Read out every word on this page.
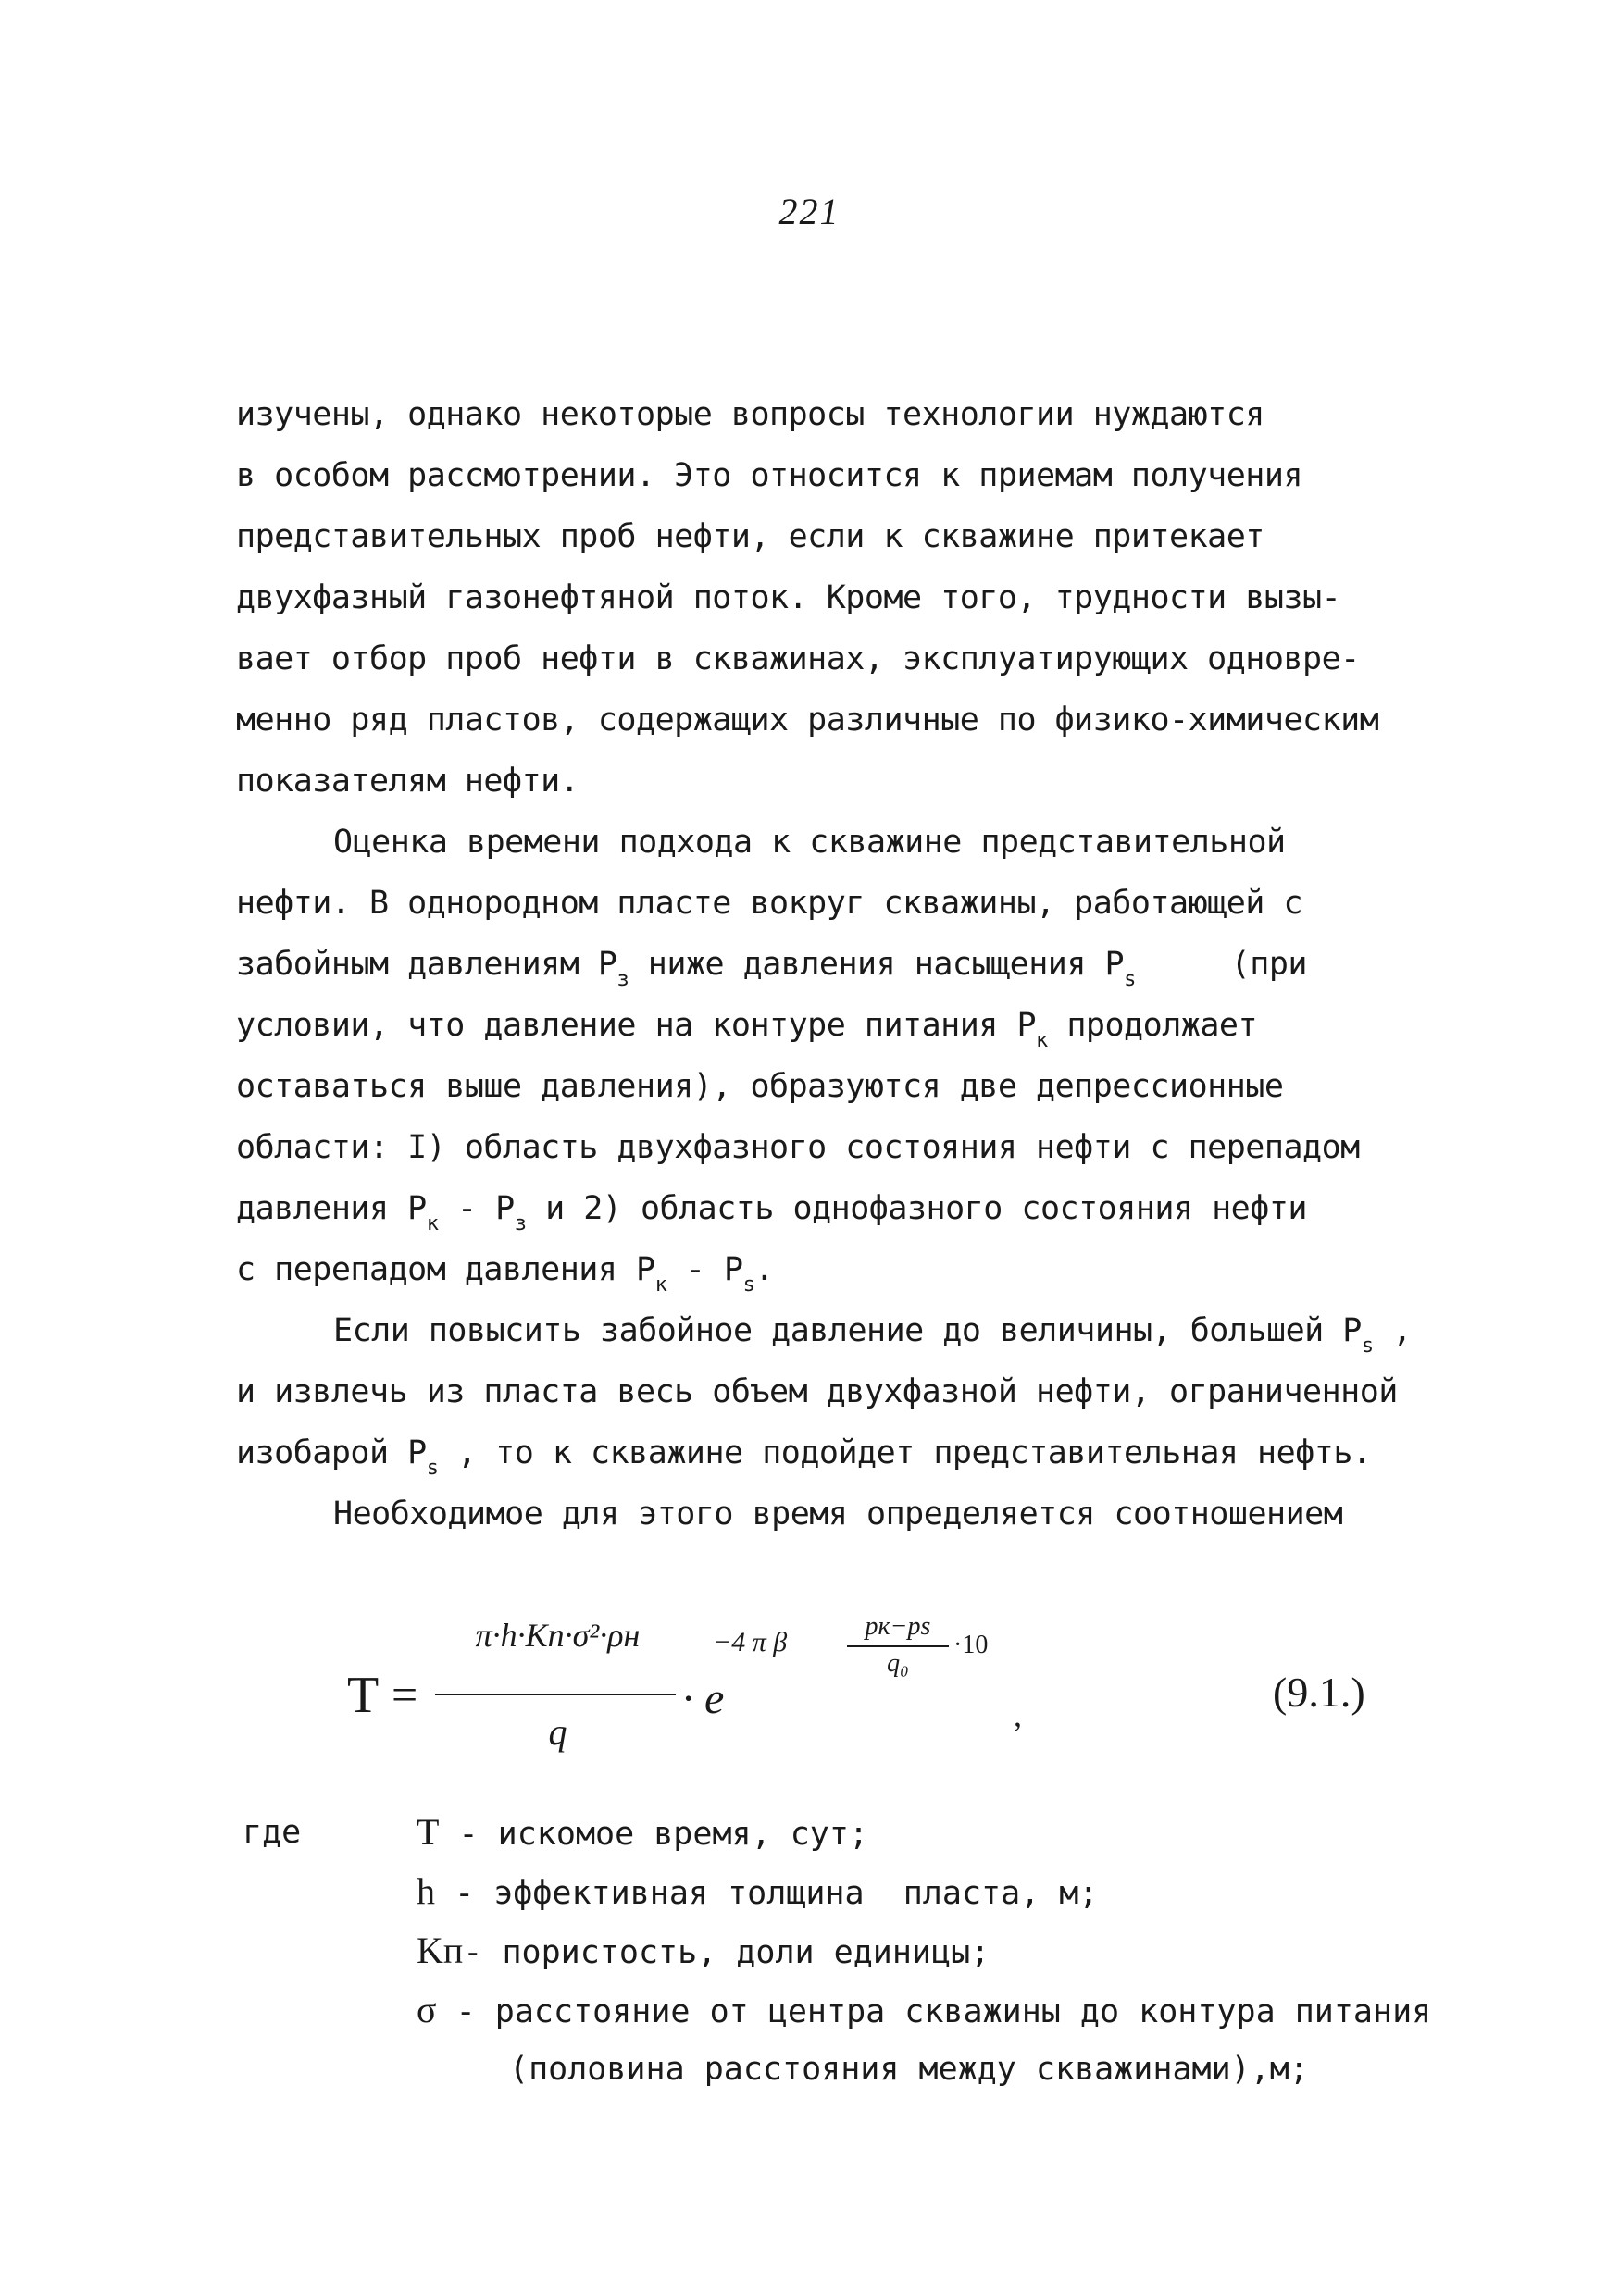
221
изучены, однако некоторые вопросы технологии нуждаются
в особом рассмотрении. Это относится к приемам получения
представительных проб нефти, если к скважине притекает
двухфазный газонефтяной поток. Кроме того, трудности вызы-
вает отбор проб нефти в скважинах, эксплуатирующих одновре-
менно ряд пластов, содержащих различные по физико-химическим
показателям нефти.
Оценка времени подхода к скважине представительной
нефти. В однородном пласте вокруг скважины, работающей с
забойным давлениям $P_з$ ниже давления насыщения $P_s$     (при
условии, что давление на контуре питания $P_к$ продолжает
оставаться выше давления), образуются две депрессионные
области: I) область двухфазного состояния нефти с перепадом
давления $P_к - P_з$ и 2) область однофазного состояния нефти
с перепадом давления $P_к - P_s$.
Если повысить забойное давление до величины, большей $P_s$ ,
и извлечь из пласта весь объем двухфазной нефти, ограниченной
изобарой $P_s$ , то к скважине подойдет представительная нефть.
Необходимое для этого время определяется соотношением
T =
π·h·Kп·σ²·ρн
q
· e
−4 π β
pк−ps
q₀
·10
,	(9.1.)
где	T - искомое время, сут;
h - эффективная толщина  пласта, м;
Kп- пористость, доли единицы;
σ - расстояние от центра скважины до контура питания
(половина расстояния между скважинами),м;
